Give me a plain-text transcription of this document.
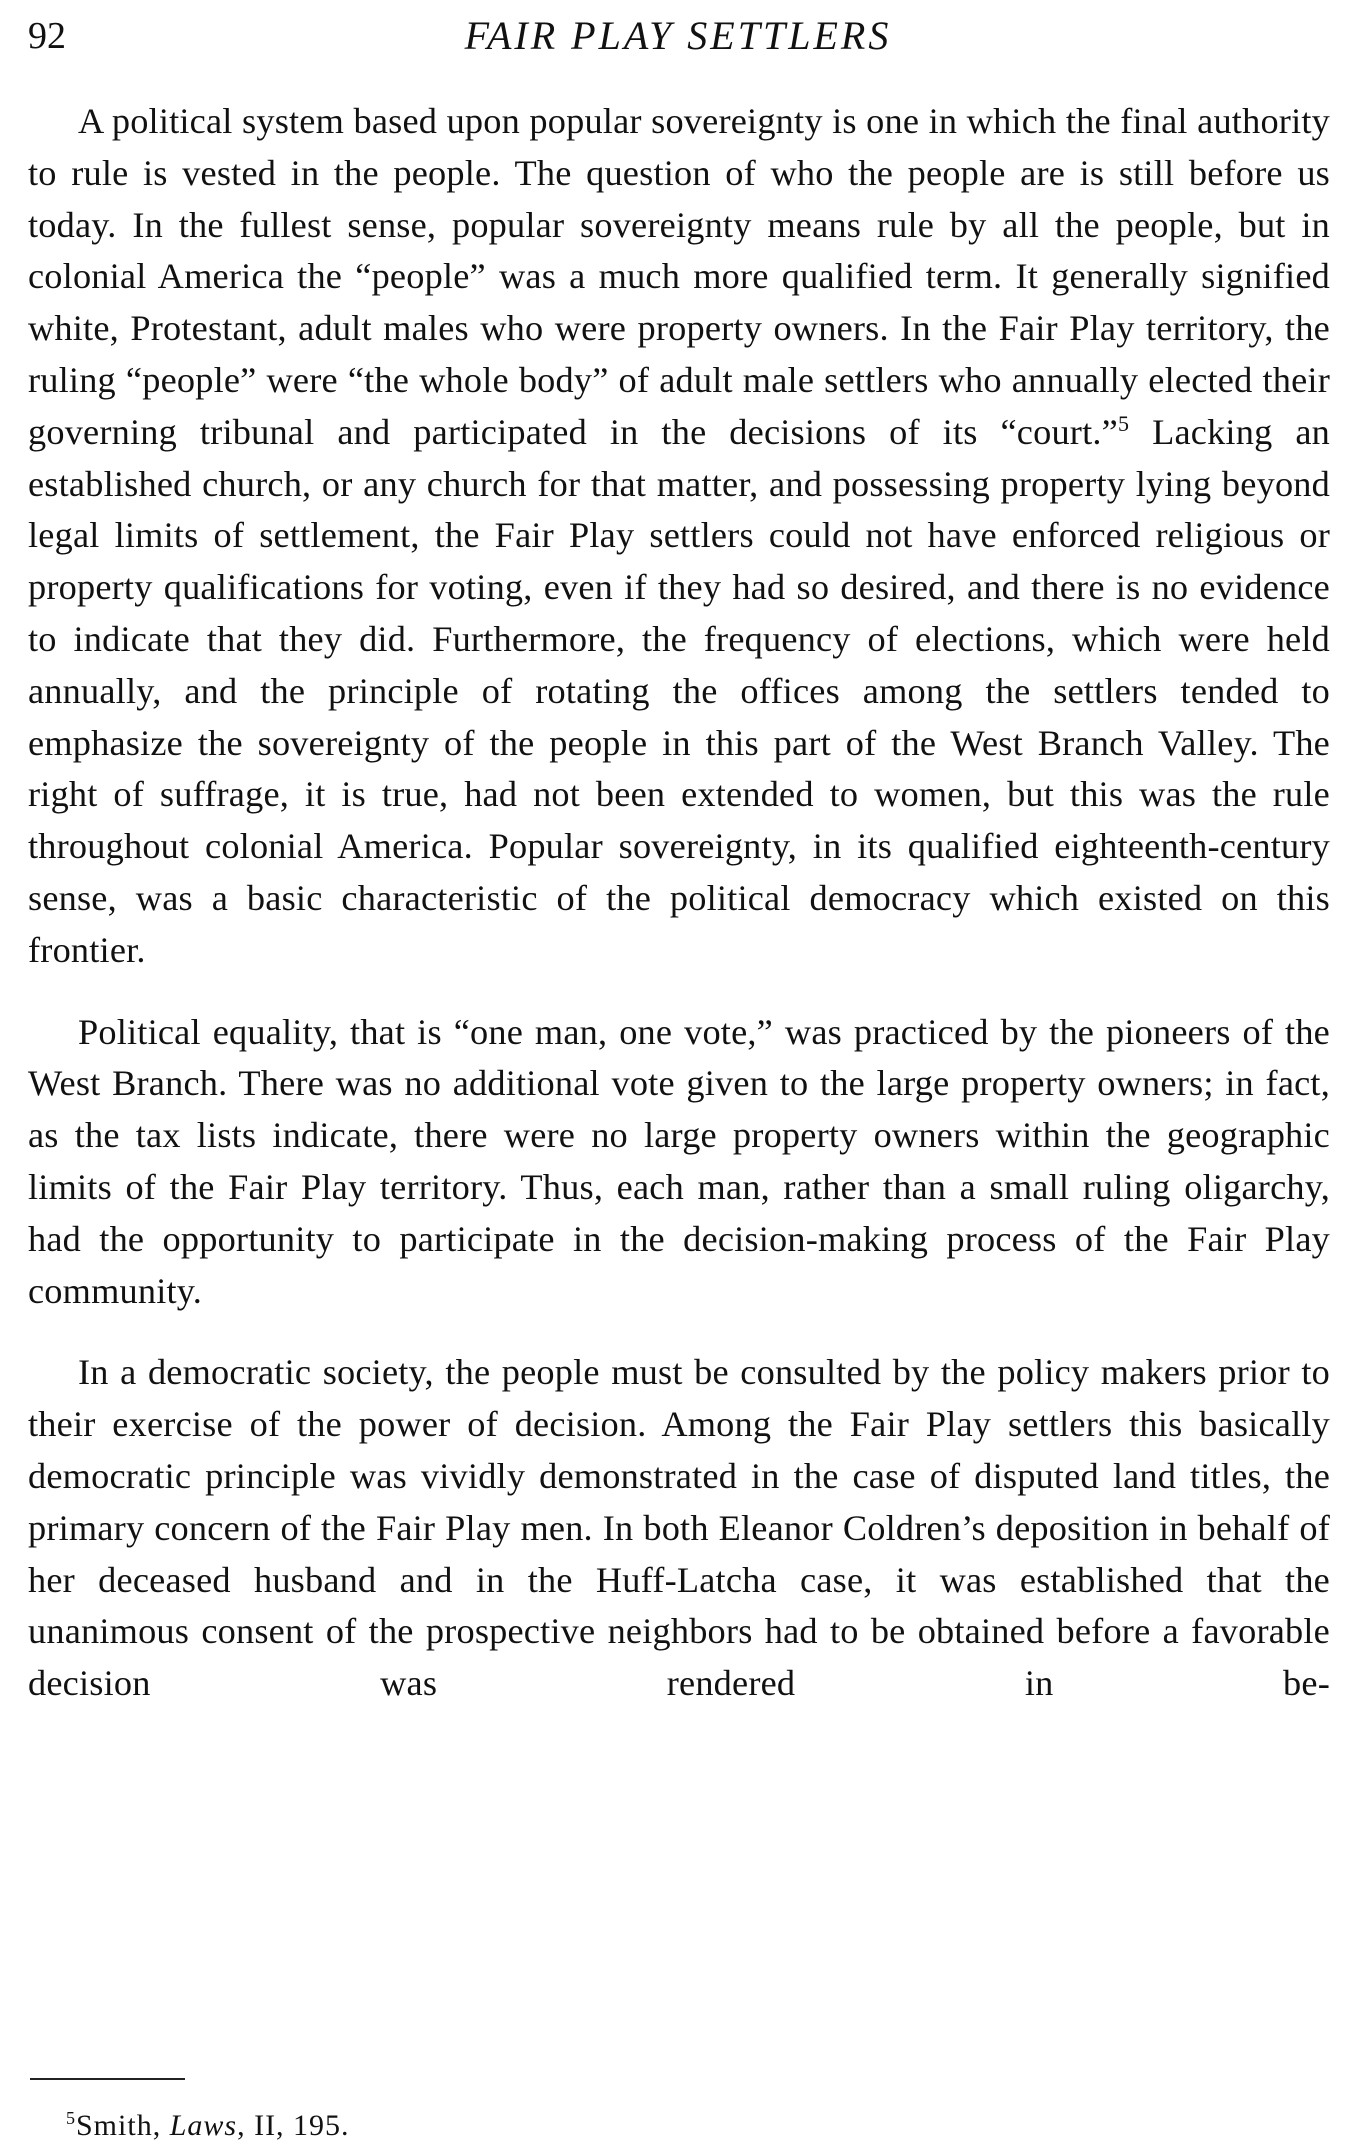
92	FAIR PLAY SETTLERS

A political system based upon popular sovereignty is one in which the final authority to rule is vested in the people. The question of who the people are is still before us today. In the fullest sense, popular sovereignty means rule by all the people, but in colonial America the “people” was a much more qualified term. It generally signified white, Protestant, adult males who were property owners. In the Fair Play territory, the ruling “people” were “the whole body” of adult male settlers who annually elected their governing tribunal and participated in the decisions of its “court.”$^5$ Lacking an established church, or any church for that matter, and possessing property lying beyond legal limits of settlement, the Fair Play settlers could not have enforced religious or property qualifications for voting, even if they had so desired, and there is no evidence to indicate that they did. Furthermore, the frequency of elections, which were held annually, and the principle of rotating the offices among the settlers tended to emphasize the sovereignty of the people in this part of the West Branch Valley. The right of suffrage, it is true, had not been extended to women, but this was the rule throughout colonial America. Popular sovereignty, in its qualified eighteenth-century sense, was a basic characteristic of the political democracy which existed on this frontier.

Political equality, that is “one man, one vote,” was practiced by the pioneers of the West Branch. There was no additional vote given to the large property owners; in fact, as the tax lists indicate, there were no large property owners within the geographic limits of the Fair Play territory. Thus, each man, rather than a small ruling oligarchy, had the opportunity to participate in the decision-making process of the Fair Play community.

In a democratic society, the people must be consulted by the policy makers prior to their exercise of the power of decision. Among the Fair Play settlers this basically democratic principle was vividly demonstrated in the case of disputed land titles, the primary concern of the Fair Play men. In both Eleanor Coldren’s deposition in behalf of her deceased husband and in the Huff-Latcha case, it was established that the unanimous consent of the prospective neighbors had to be obtained before a favorable decision was rendered in be-

$^5$Smith, Laws, II, 195.
